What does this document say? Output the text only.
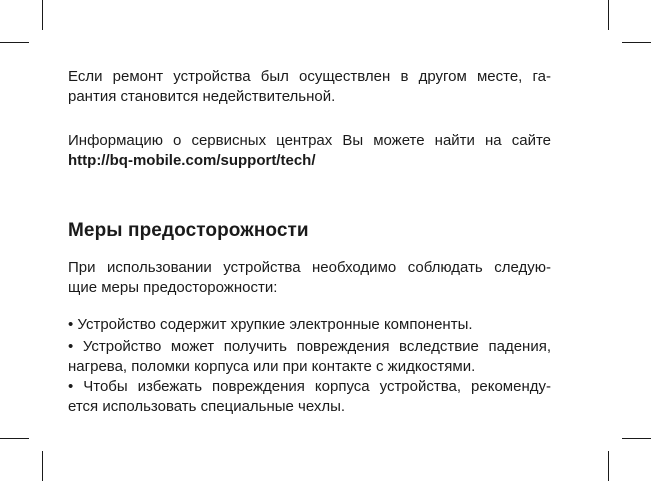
Если ремонт устройства был осуществлен в другом месте, га-
рантия становится недействительной.
Информацию о сервисных центрах Вы можете найти на сайте
http://bq-mobile.com/support/tech/
Меры предосторожности
При использовании устройства необходимо соблюдать следую-
щие меры предосторожности:
• Устройство содержит хрупкие электронные компоненты.
• Устройство может получить повреждения вследствие падения,
нагрева, поломки корпуса или при контакте с жидкостями.
• Чтобы избежать повреждения корпуса устройства, рекоменду-
ется использовать специальные чехлы.
